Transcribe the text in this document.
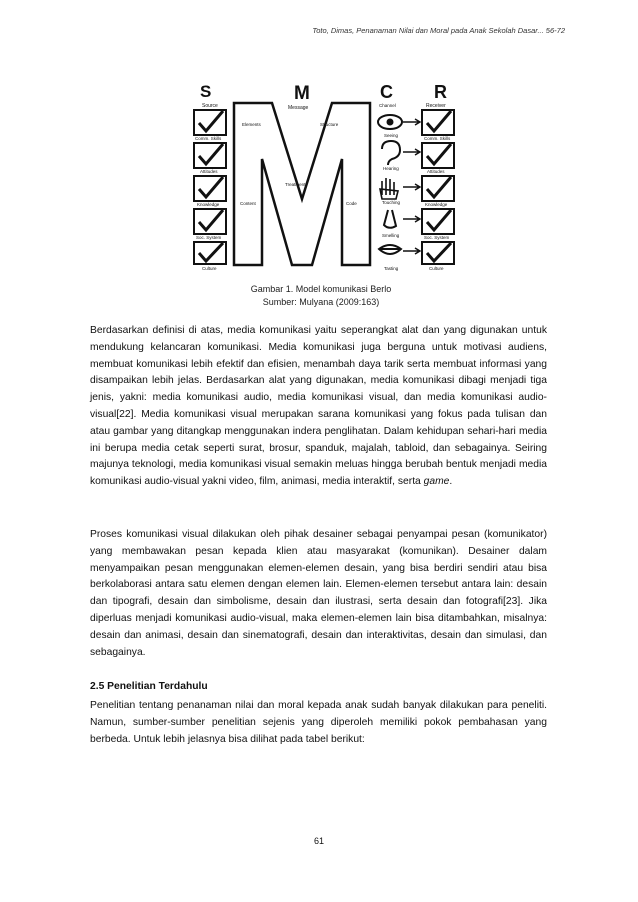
Toto, Dimas, Penanaman Nilai dan Moral pada Anak Sekolah Dasar... 56-72
S	M	C R
Source
Comm. Skills
Attitudes
Knowledge
Soc. System
Culture
Message
Elements	Structure
Treatment
Content	Code
Channel
Seeing
Hearing
Touching
Smelling
Tasting
Receiver
Comm. Skills
Attitudes
Knowledge
Soc. System
Culture
Gambar 1. Model komunikasi Berlo
Sumber: Mulyana (2009:163)
Berdasarkan definisi di atas, media komunikasi yaitu seperangkat alat dan yang digunakan untuk mendukung kelancaran komunikasi. Media komunikasi juga berguna untuk motivasi audiens, membuat komunikasi lebih efektif dan efisien, menambah daya tarik serta membuat informasi yang disampaikan lebih jelas. Berdasarkan alat yang digunakan, media komunikasi dibagi menjadi tiga jenis, yakni: media komunikasi audio, media komunikasi visual, dan media komunikasi audio-visual[22]. Media komunikasi visual merupakan sarana komunikasi yang fokus pada tulisan dan atau gambar yang ditangkap menggunakan indera penglihatan. Dalam kehidupan sehari-hari media ini berupa media cetak seperti surat, brosur, spanduk, majalah, tabloid, dan sebagainya. Seiring majunya teknologi, media komunikasi visual semakin meluas hingga berubah bentuk menjadi media komunikasi audio-visual yakni video, film, animasi, media interaktif, serta game.
Proses komunikasi visual dilakukan oleh pihak desainer sebagai penyampai pesan (komunikator) yang membawakan pesan kepada klien atau masyarakat (komunikan). Desainer dalam menyampaikan pesan menggunakan elemen-elemen desain, yang bisa berdiri sendiri atau bisa berkolaborasi antara satu elemen dengan elemen lain. Elemen-elemen tersebut antara lain: desain dan tipografi, desain dan simbolisme, desain dan ilustrasi, serta desain dan fotografi[23]. Jika diperluas menjadi komunikasi audio-visual, maka elemen-elemen lain bisa ditambahkan, misalnya: desain dan animasi, desain dan sinematografi, desain dan interaktivitas, desain dan simulasi, dan sebagainya.
2.5 Penelitian Terdahulu
Penelitian tentang penanaman nilai dan moral kepada anak sudah banyak dilakukan para peneliti. Namun, sumber-sumber penelitian sejenis yang diperoleh memiliki pokok pembahasan yang berbeda. Untuk lebih jelasnya bisa dilihat pada tabel berikut:
61
